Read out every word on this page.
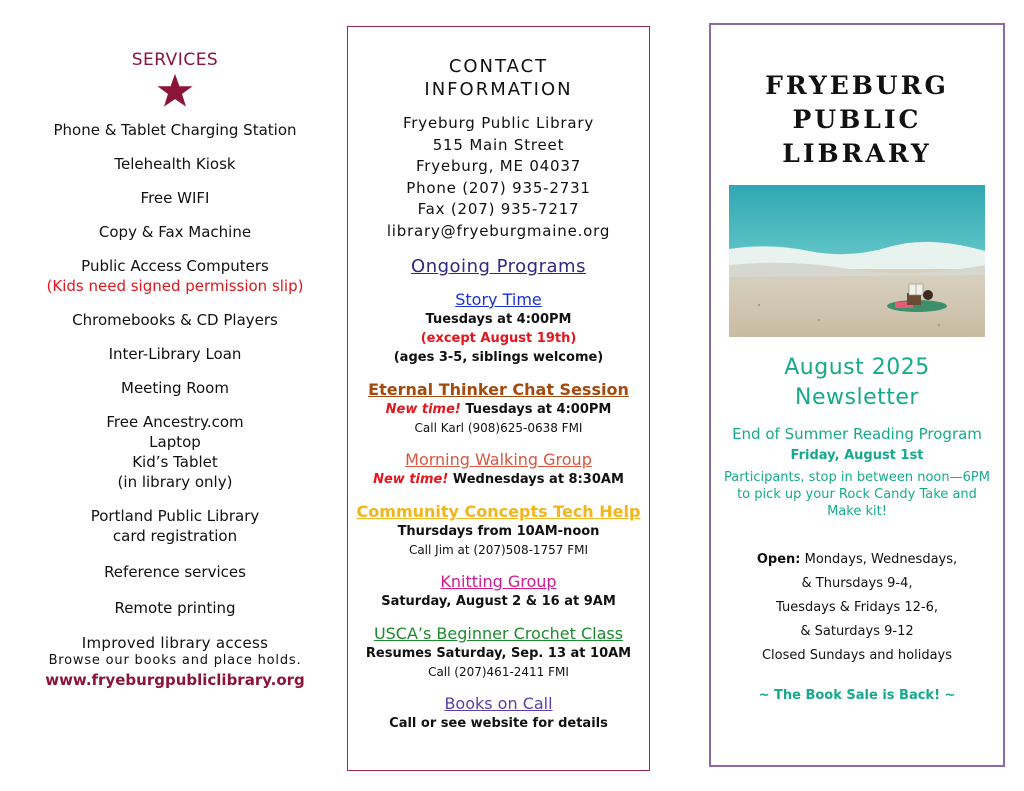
SERVICES

Phone & Tablet Charging Station
Telehealth Kiosk
Free WIFI
Copy & Fax Machine
Public Access Computers
(Kids need signed permission slip)
Chromebooks & CD Players
Inter-Library Loan
Meeting Room
Free Ancestry.com
Laptop
Kid’s Tablet
(in library only)
Portland Public Library
card registration
Reference services
Remote printing
Improved library access
Browse our books and place holds.
www.fryeburgpubliclibrary.org

CONTACT
INFORMATION

Fryeburg Public Library
515 Main Street
Fryeburg, ME 04037
Phone (207) 935-2731
Fax (207) 935-7217
library@fryeburgmaine.org
Ongoing Programs
Story Time
Tuesdays at 4:00PM
(except August 19th)
(ages 3-5, siblings welcome)
Eternal Thinker Chat Session
New time! Tuesdays at 4:00PM
Call Karl (908)625-0638 FMI
Morning Walking Group
New time! Wednesdays at 8:30AM
Community Concepts Tech Help
Thursdays from 10AM-noon
Call Jim at (207)508-1757 FMI
Knitting Group
Saturday, August 2 & 16 at 9AM
USCA’s Beginner Crochet Class
Resumes Saturday, Sep. 13 at 10AM
Call (207)461-2411 FMI
Books on Call
Call or see website for details
FRYEBURG
PUBLIC
LIBRARY
August 2025
Newsletter
End of Summer Reading Program
Friday, August 1st
Participants, stop in between noon—6PM to pick up your Rock Candy Take and Make kit!
Open: Mondays, Wednesdays,
& Thursdays 9-4,
Tuesdays & Fridays 12-6,
& Saturdays 9-12
Closed Sundays and holidays
~ The Book Sale is Back! ~
